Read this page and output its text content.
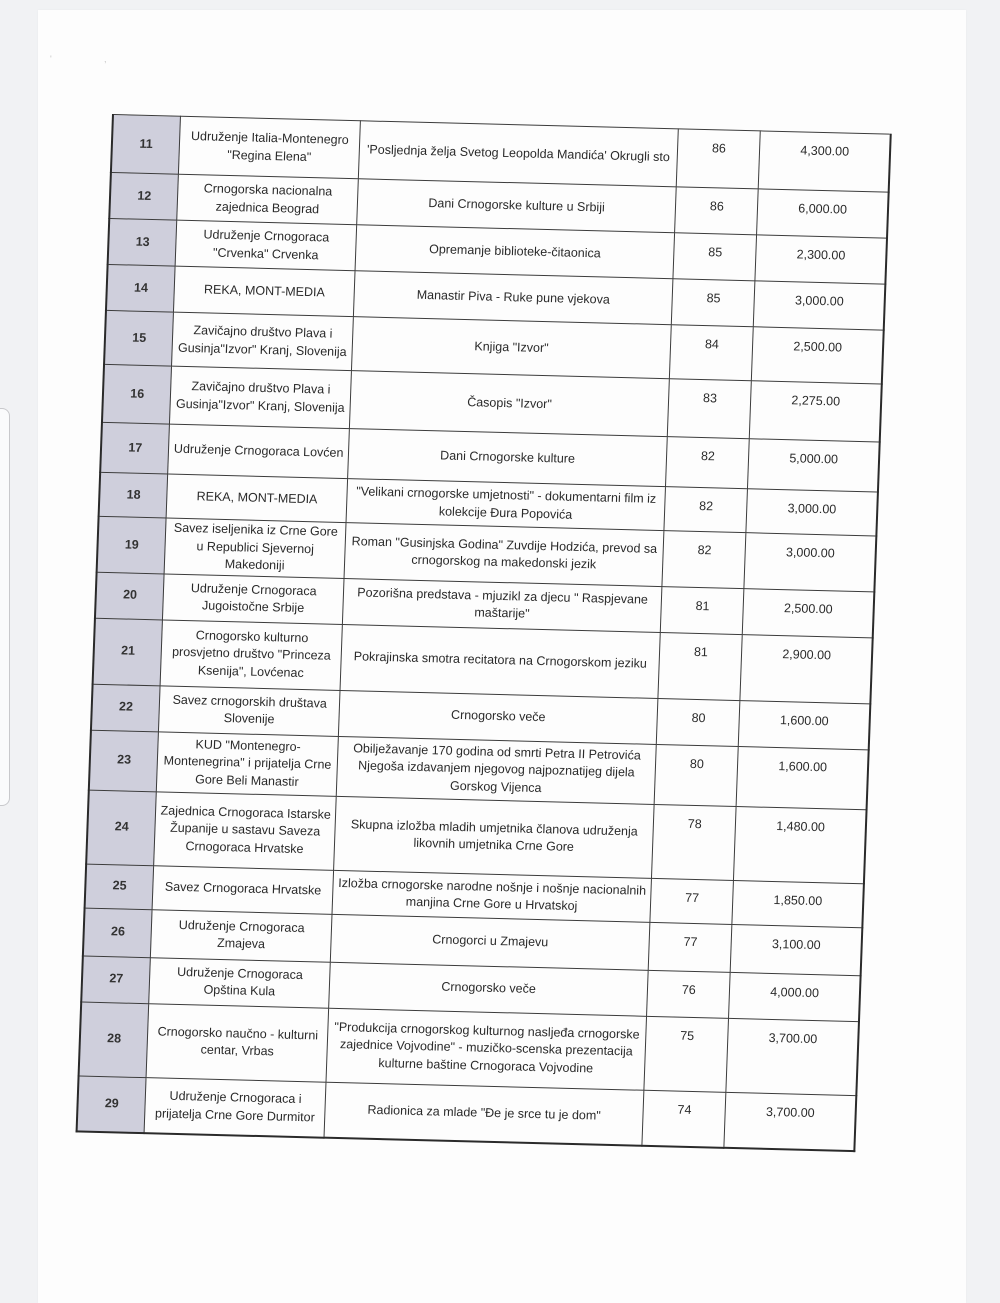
'	,
11	Udruženje Italia-Montenegro "Regina Elena"	'Posljednja želja Svetog Leopolda Mandića' Okrugli sto	86	4,300.00
12	Crnogorska nacionalna zajednica Beograd	Dani Crnogorske kulture u Srbiji	86	6,000.00
13	Udruženje Crnogoraca "Crvenka" Crvenka	Opremanje biblioteke-čitaonica	85	2,300.00
14	REKA, MONT-MEDIA	Manastir Piva - Ruke pune vjekova	85	3,000.00
15	Zavičajno društvo Plava i Gusinja"Izvor" Kranj, Slovenija	Knjiga "Izvor"	84	2,500.00
16	Zavičajno društvo Plava i Gusinja"Izvor" Kranj, Slovenija	Časopis "Izvor"	83	2,275.00
17	Udruženje Crnogoraca Lovćen	Dani Crnogorske kulture	82	5,000.00
18	REKA, MONT-MEDIA	"Velikani crnogorske umjetnosti" - dokumentarni film iz kolekcije Đura Popovića	82	3,000.00
19	Savez iseljenika iz Crne Gore u Republici Sjevernoj Makedoniji	Roman "Gusinjska Godina" Zuvdije Hodzića, prevod sa crnogorskog na makedonski jezik	82	3,000.00
20	Udruženje Crnogoraca Jugoistočne Srbije	Pozorišna predstava - mjuzikl za djecu " Raspjevane maštarije"	81	2,500.00
21	Crnogorsko kulturno prosvjetno društvo "Princeza Ksenija", Lovćenac	Pokrajinska smotra recitatora na Crnogorskom jeziku	81	2,900.00
22	Savez crnogorskih društava Slovenije	Crnogorsko veče	80	1,600.00
23	KUD "Montenegro-Montenegrina" i prijatelja Crne Gore Beli Manastir	Obilježavanje 170 godina od smrti Petra II Petrovića Njegoša izdavanjem njegovog najpoznatijeg dijela Gorskog Vijenca	80	1,600.00
24	Zajednica Crnogoraca Istarske Županije u sastavu Saveza Crnogoraca Hrvatske	Skupna izložba mladih umjetnika članova udruženja likovnih umjetnika Crne Gore	78	1,480.00
25	Savez Crnogoraca Hrvatske	Izložba crnogorske narodne nošnje i nošnje nacionalnih manjina Crne Gore u Hrvatskoj	77	1,850.00
26	Udruženje Crnogoraca Zmajeva	Crnogorci u Zmajevu	77	3,100.00
27	Udruženje Crnogoraca Opština Kula	Crnogorsko veče	76	4,000.00
28	Crnogorsko naučno - kulturni centar, Vrbas	"Produkcija crnogorskog kulturnog nasljeđa crnogorske zajednice Vojvodine" - muzičko-scenska prezentacija kulturne baštine Crnogoraca Vojvodine	75	3,700.00
29	Udruženje Crnogoraca i prijatelja Crne Gore Durmitor	Radionica za mlade "Đe je srce tu je dom"	74	3,700.00
